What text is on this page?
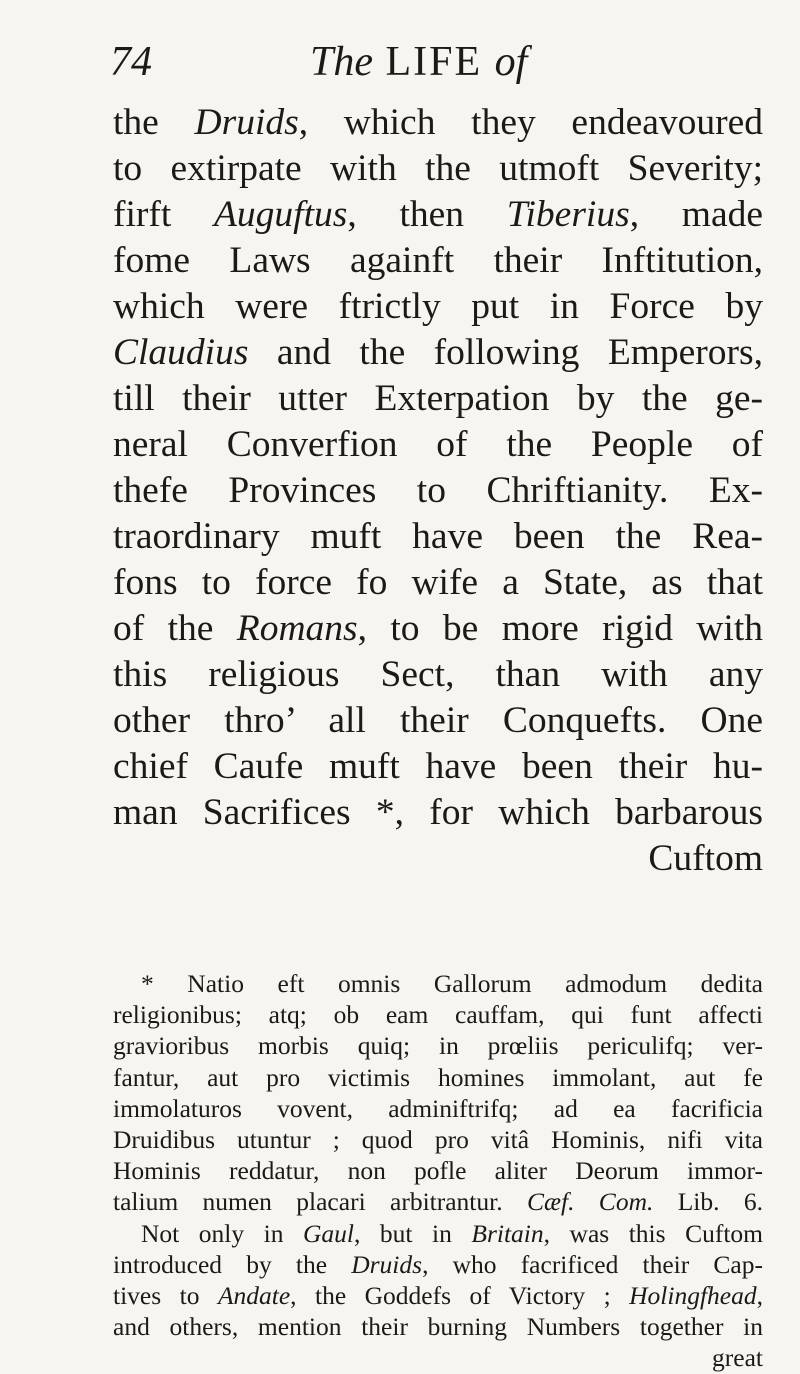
74	The LIFE of
the Druids, which they endeavoured
to extirpate with the utmoft Severity;
firft Auguftus, then Tiberius, made
fome Laws againft their Inftitution,
which were ftrictly put in Force by
Claudius and the following Emperors,
till their utter Exterpation by the ge-
neral Converfion of the People of
thefe Provinces to Chriftianity. Ex-
traordinary muft have been the Rea-
fons to force fo wife a State, as that
of the Romans, to be more rigid with
this religious Sect, than with any
other thro’ all their Conquefts. One
chief Caufe muft have been their hu-
man Sacrifices *, for which barbarous
Cuftom
* Natio eft omnis Gallorum admodum dedita
religionibus; atq; ob eam cauffam, qui funt affecti
gravioribus morbis quiq; in prœliis periculifq; ver-
fantur, aut pro victimis homines immolant, aut fe
immolaturos vovent, adminiftrifq; ad ea facrificia
Druidibus utuntur ; quod pro vitâ Hominis, nifi vita
Hominis reddatur, non pofle aliter Deorum immor-
talium numen placari arbitrantur. Cæf. Com. Lib. 6.
Not only in Gaul, but in Britain, was this Cuftom
introduced by the Druids, who facrificed their Cap-
tives to Andate, the Goddefs of Victory ; Holingfhead,
and others, mention their burning Numbers together in
great
